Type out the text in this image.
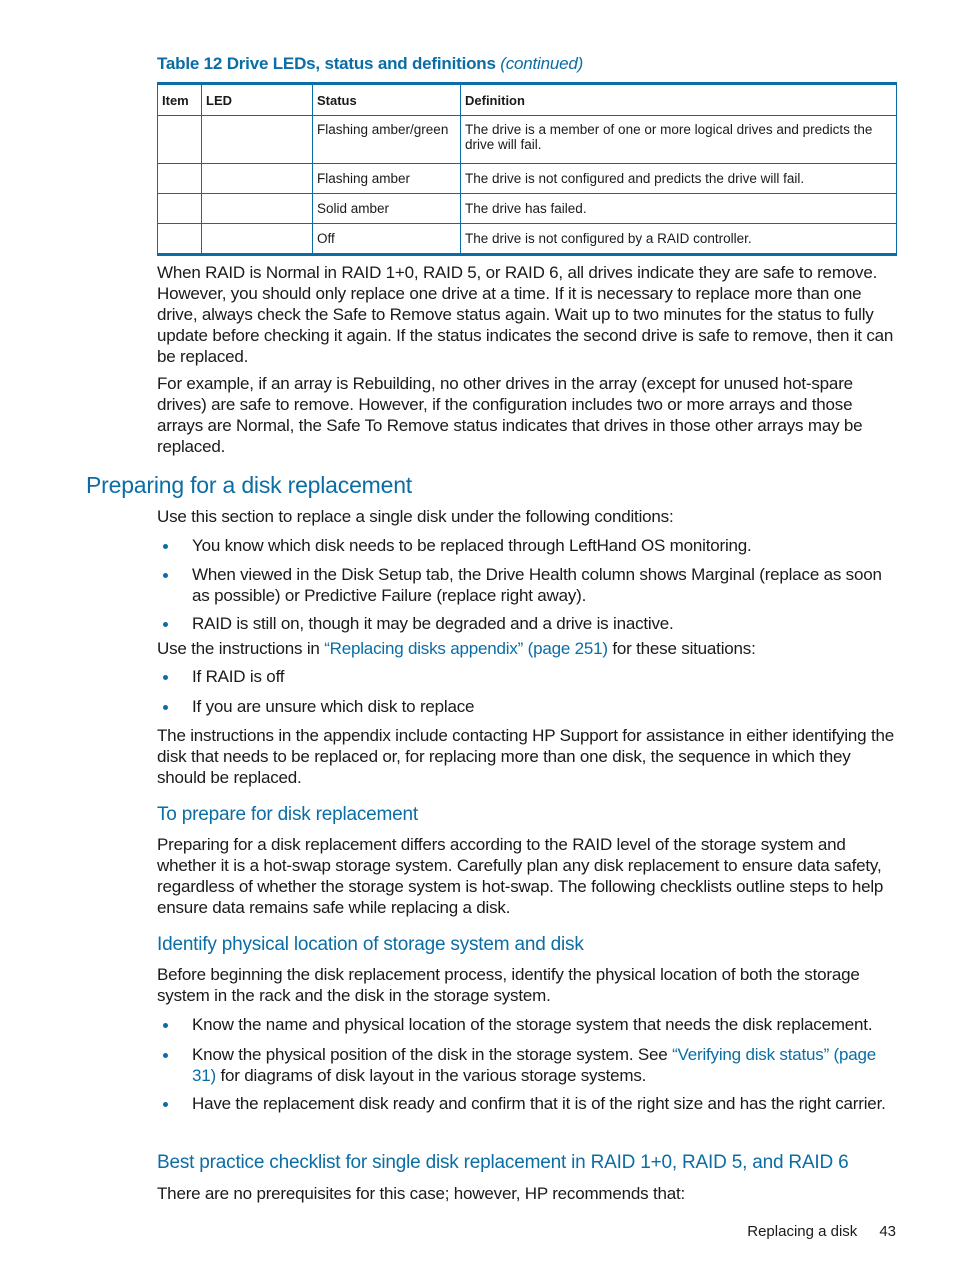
Table 12 Drive LEDs, status and definitions (continued)
Item	LED	Status	Definition
		Flashing amber/green	The drive is a member of one or more logical drives and predicts the drive will fail.
		Flashing amber	The drive is not configured and predicts the drive will fail.
		Solid amber	The drive has failed.
		Off	The drive is not configured by a RAID controller.

When RAID is Normal in RAID 1+0, RAID 5, or RAID 6, all drives indicate they are safe to remove. However, you should only replace one drive at a time. If it is necessary to replace more than one drive, always check the Safe to Remove status again. Wait up to two minutes for the status to fully update before checking it again. If the status indicates the second drive is safe to remove, then it can be replaced.

For example, if an array is Rebuilding, no other drives in the array (except for unused hot-spare drives) are safe to remove. However, if the configuration includes two or more arrays and those arrays are Normal, the Safe To Remove status indicates that drives in those other arrays may be replaced.

Preparing for a disk replacement

Use this section to replace a single disk under the following conditions:

You know which disk needs to be replaced through LeftHand OS monitoring.
When viewed in the Disk Setup tab, the Drive Health column shows Marginal (replace as soon as possible) or Predictive Failure (replace right away).
RAID is still on, though it may be degraded and a drive is inactive.

Use the instructions in “Replacing disks appendix” (page 251) for these situations:

If RAID is off
If you are unsure which disk to replace

The instructions in the appendix include contacting HP Support for assistance in either identifying the disk that needs to be replaced or, for replacing more than one disk, the sequence in which they should be replaced.

To prepare for disk replacement

Preparing for a disk replacement differs according to the RAID level of the storage system and whether it is a hot-swap storage system. Carefully plan any disk replacement to ensure data safety, regardless of whether the storage system is hot-swap. The following checklists outline steps to help ensure data remains safe while replacing a disk.

Identify physical location of storage system and disk

Before beginning the disk replacement process, identify the physical location of both the storage system in the rack and the disk in the storage system.

Know the name and physical location of the storage system that needs the disk replacement.
Know the physical position of the disk in the storage system. See “Verifying disk status” (page 31) for diagrams of disk layout in the various storage systems.
Have the replacement disk ready and confirm that it is of the right size and has the right carrier.
Best practice checklist for single disk replacement in RAID 1+0, RAID 5, and RAID 6

There are no prerequisites for this case; however, HP recommends that:

Replacing a disk 43
